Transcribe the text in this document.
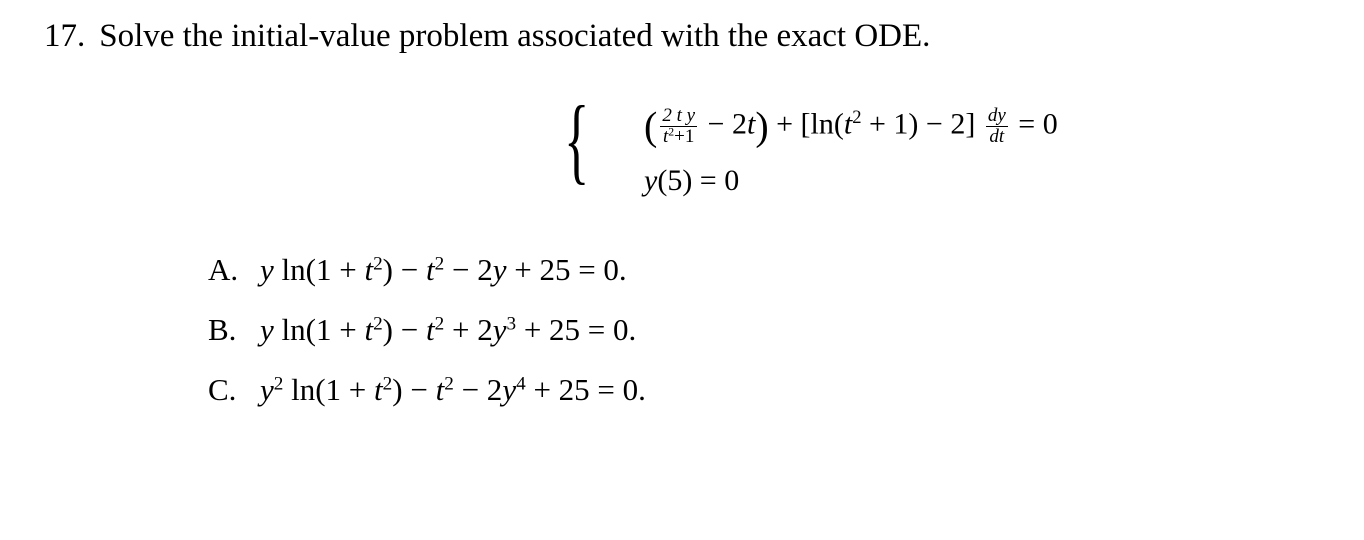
17. Solve the initial-value problem associated with the exact ODE.
{ ( $\frac{\text{2 t y}}{t^2+1} - 2t) + [\ln(t^2 + 1) - 2] \frac{dy}{dt} = 0$
y(5) = 0
A. y $\ln(1 + t^2) - t^2 - 2y + 25 = 0$.
B. y $\ln(1 + t^2) - t^2 + 2y^3 + 25 = 0$.
C. $y^2$ $\ln(1 + t^2) - t^2 - 2y^4 + 25 = 0$.
